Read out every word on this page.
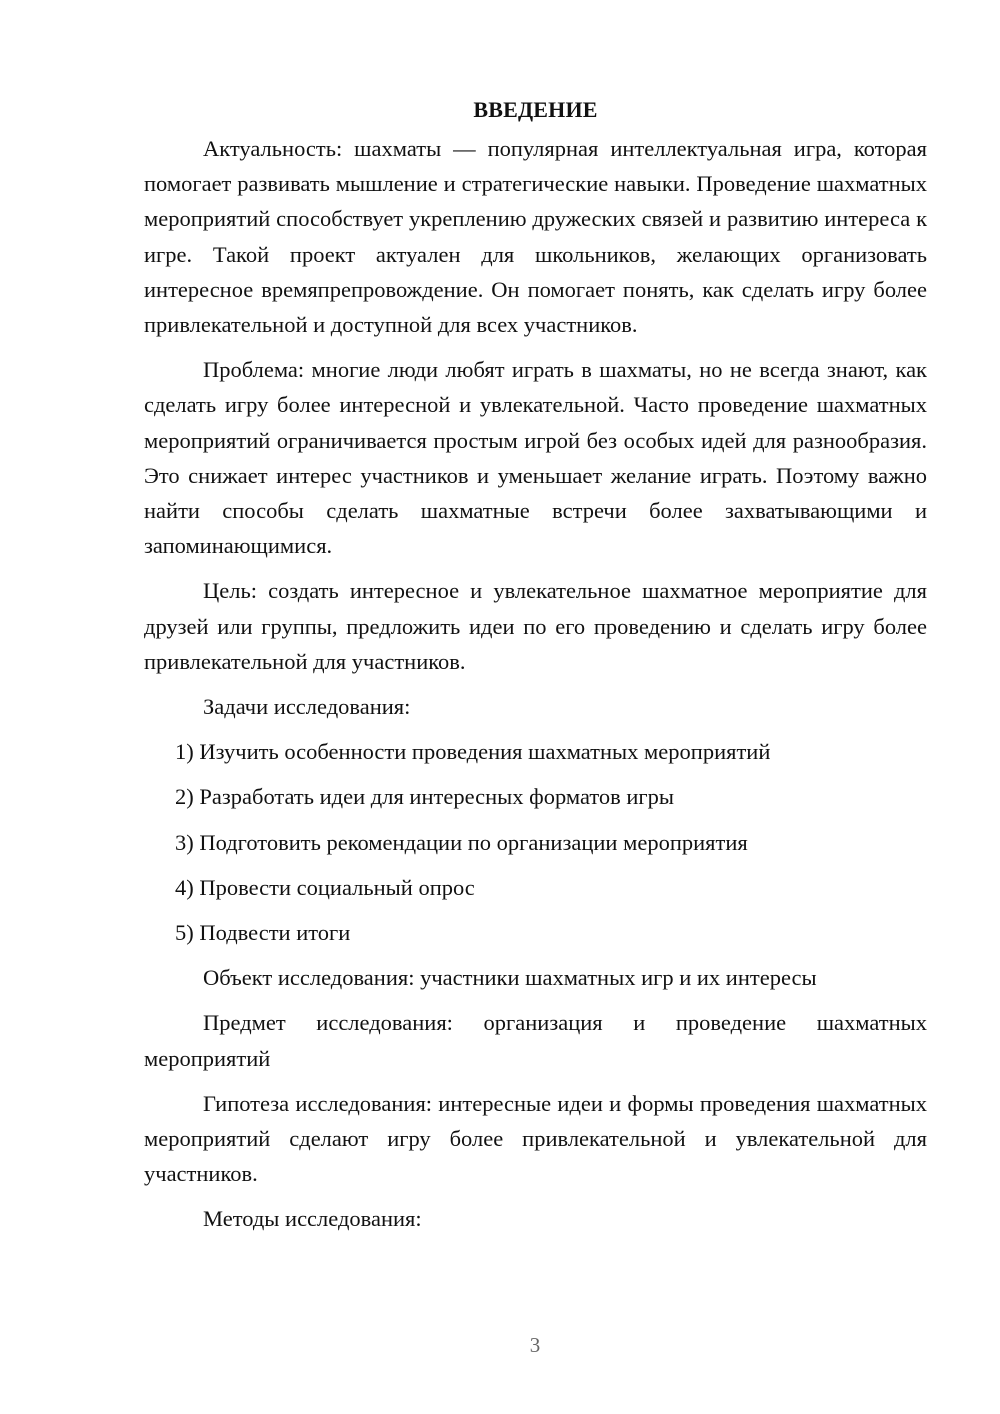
ВВЕДЕНИЕ

Актуальность: шахматы — популярная интеллектуальная игра, которая помогает развивать мышление и стратегические навыки. Проведение шахматных мероприятий способствует укреплению дружеских связей и развитию интереса к игре. Такой проект актуален для школьников, желающих организовать интересное времяпрепровождение. Он помогает понять, как сделать игру более привлекательной и доступной для всех участников.

Проблема: многие люди любят играть в шахматы, но не всегда знают, как сделать игру более интересной и увлекательной. Часто проведение шахматных мероприятий ограничивается простым игрой без особых идей для разнообразия. Это снижает интерес участников и уменьшает желание играть. Поэтому важно найти способы сделать шахматные встречи более захватывающими и запоминающимися.

Цель: создать интересное и увлекательное шахматное мероприятие для друзей или группы, предложить идеи по его проведению и сделать игру более привлекательной для участников.

Задачи исследования:

1) Изучить особенности проведения шахматных мероприятий
2) Разработать идеи для интересных форматов игры
3) Подготовить рекомендации по организации мероприятия
4) Провести социальный опрос
5) Подвести итоги

Объект исследования: участники шахматных игр и их интересы

Предмет исследования: организация и проведение шахматных мероприятий

Гипотеза исследования: интересные идеи и формы проведения шахматных мероприятий сделают игру более привлекательной и увлекательной для участников.

Методы исследования:

3
